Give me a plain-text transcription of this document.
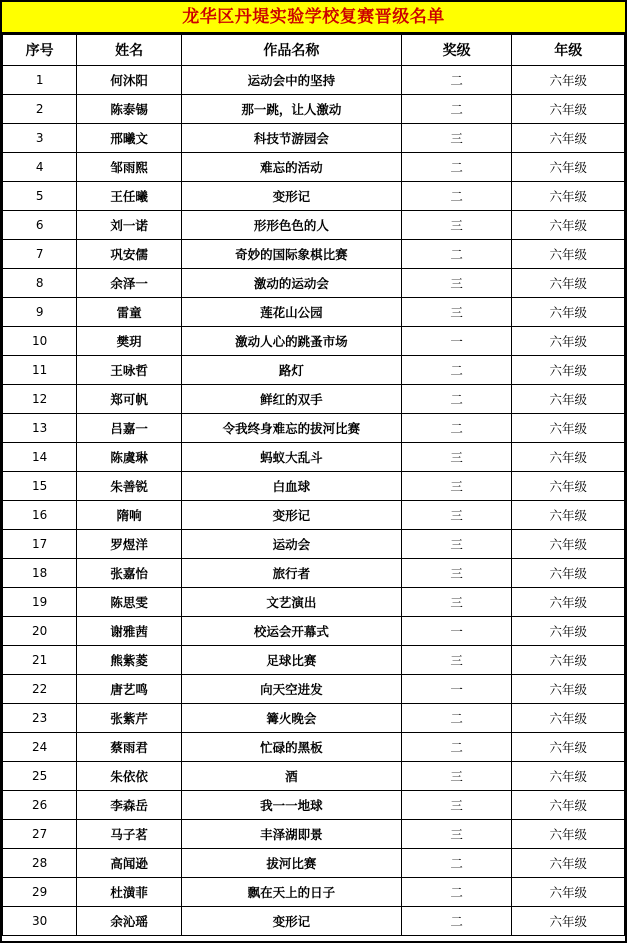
龙华区丹堤实验学校复赛晋级名单
序号	姓名	作品名称	奖级	年级
1	何沐阳	运动会中的坚持	二	六年级
2	陈泰锡	那一跳，让人激动	二	六年级
3	邢曦文	科技节游园会	三	六年级
4	邹雨熙	难忘的活动	二	六年级
5	王任曦	变形记	二	六年级
6	刘一诺	形形色色的人	三	六年级
7	巩安儒	奇妙的国际象棋比赛	二	六年级
8	余泽一	激动的运动会	三	六年级
9	雷童	莲花山公园	三	六年级
10	樊玥	激动人心的跳蚤市场	一	六年级
11	王咏哲	路灯	二	六年级
12	郑可帆	鲜红的双手	二	六年级
13	吕嘉一	令我终身难忘的拔河比赛	二	六年级
14	陈虞琳	蚂蚁大乱斗	三	六年级
15	朱善锐	白血球	三	六年级
16	隋响	变形记	三	六年级
17	罗煜洋	运动会	三	六年级
18	张嘉怡	旅行者	三	六年级
19	陈思雯	文艺演出	三	六年级
20	谢雅茜	校运会开幕式	一	六年级
21	熊紫菱	足球比赛	三	六年级
22	唐艺鸣	向天空进发	一	六年级
23	张紫芹	篝火晚会	二	六年级
24	蔡雨君	忙碌的黑板	二	六年级
25	朱依依	酒	三	六年级
26	李森岳	我一一地球	三	六年级
27	马子茗	丰泽湖即景	三	六年级
28	高闻逊	拔河比赛	二	六年级
29	杜潢菲	飘在天上的日子	二	六年级
30	余沁瑶	变形记	二	六年级
